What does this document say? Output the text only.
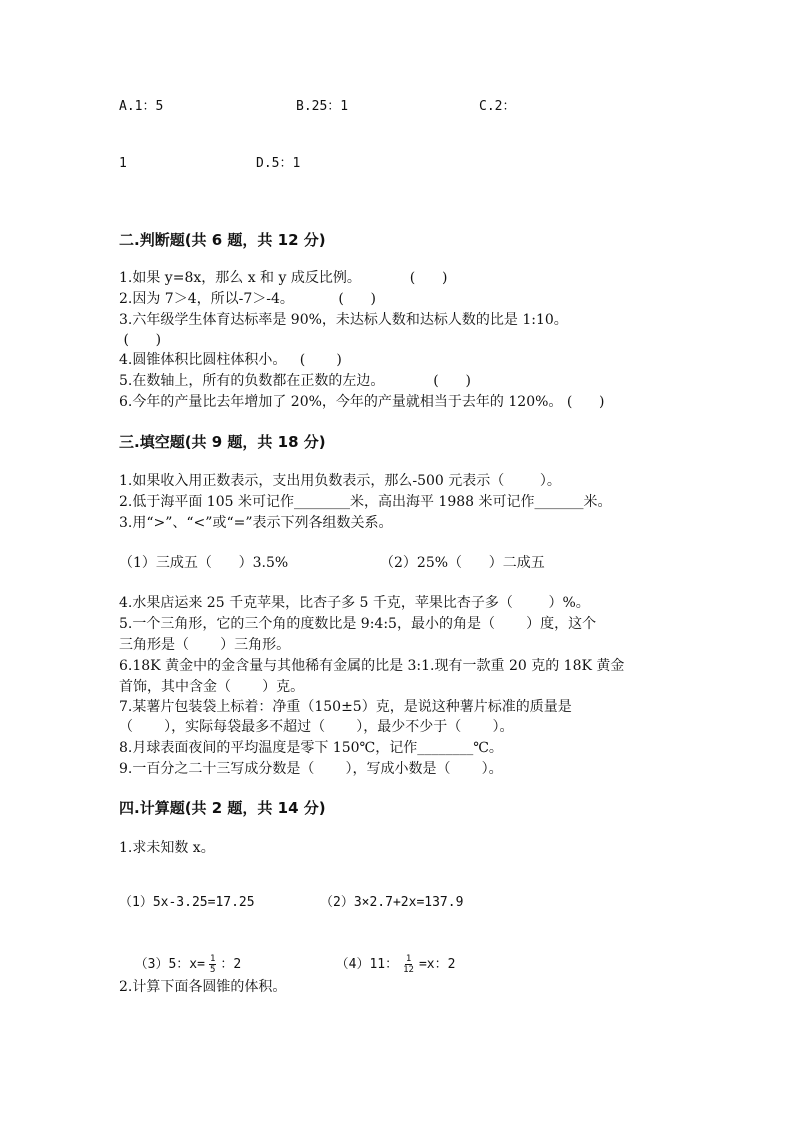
A.1：5	B.25：1	C.2：
1	D.5：1
二.判断题(共 6 题，共 12 分)
1.如果 y=8x，那么 x 和 y 成反比例。           (      )
2.因为 7＞4，所以-7＞-4。          (      )
3.六年级学生体育达标率是 90%，未达标人数和达标人数的比是 1:10。
(      )
4.圆锥体积比圆柱体积小。   (       )
5.在数轴上，所有的负数都在正数的左边。           (      )
6.今年的产量比去年增加了 20%，今年的产量就相当于去年的 120%。 (      )
三.填空题(共 9 题，共 18 分)
1.如果收入用正数表示，支出用负数表示，那么-500 元表示（        ）。
2.低于海平面 105 米可记作________米，高出海平 1988 米可记作_______米。
3.用“>”、“<”或“=”表示下列各组数关系。
（1）三成五（      ）3.5%	（2）25%（      ）二成五
4.水果店运来 25 千克苹果，比杏子多 5 千克，苹果比杏子多（        ）%。
5.一个三角形，它的三个角的度数比是 9:4:5，最小的角是（       ）度，这个
三角形是（       ）三角形。
6.18K 黄金中的金含量与其他稀有金属的比是 3:1.现有一款重 20 克的 18K 黄金
首饰，其中含金（       ）克。
7.某薯片包装袋上标着：净重（150±5）克，是说这种薯片标准的质量是
（       ），实际每袋最多不超过（       ），最少不少于（       ）。
8.月球表面夜间的平均温度是零下 150℃，记作________℃。
9.一百分之二十三写成分数是（       ），写成小数是（       ）。
四.计算题(共 2 题，共 14 分)
1.求未知数 x。
（1）5x-3.25=17.25	（2）3×2.7+2x=137.9

（3）5：$x= \frac{1}{5}$ ：2	（4）11： $\frac{1}{12} =x$：2

2.计算下面各圆锥的体积。
